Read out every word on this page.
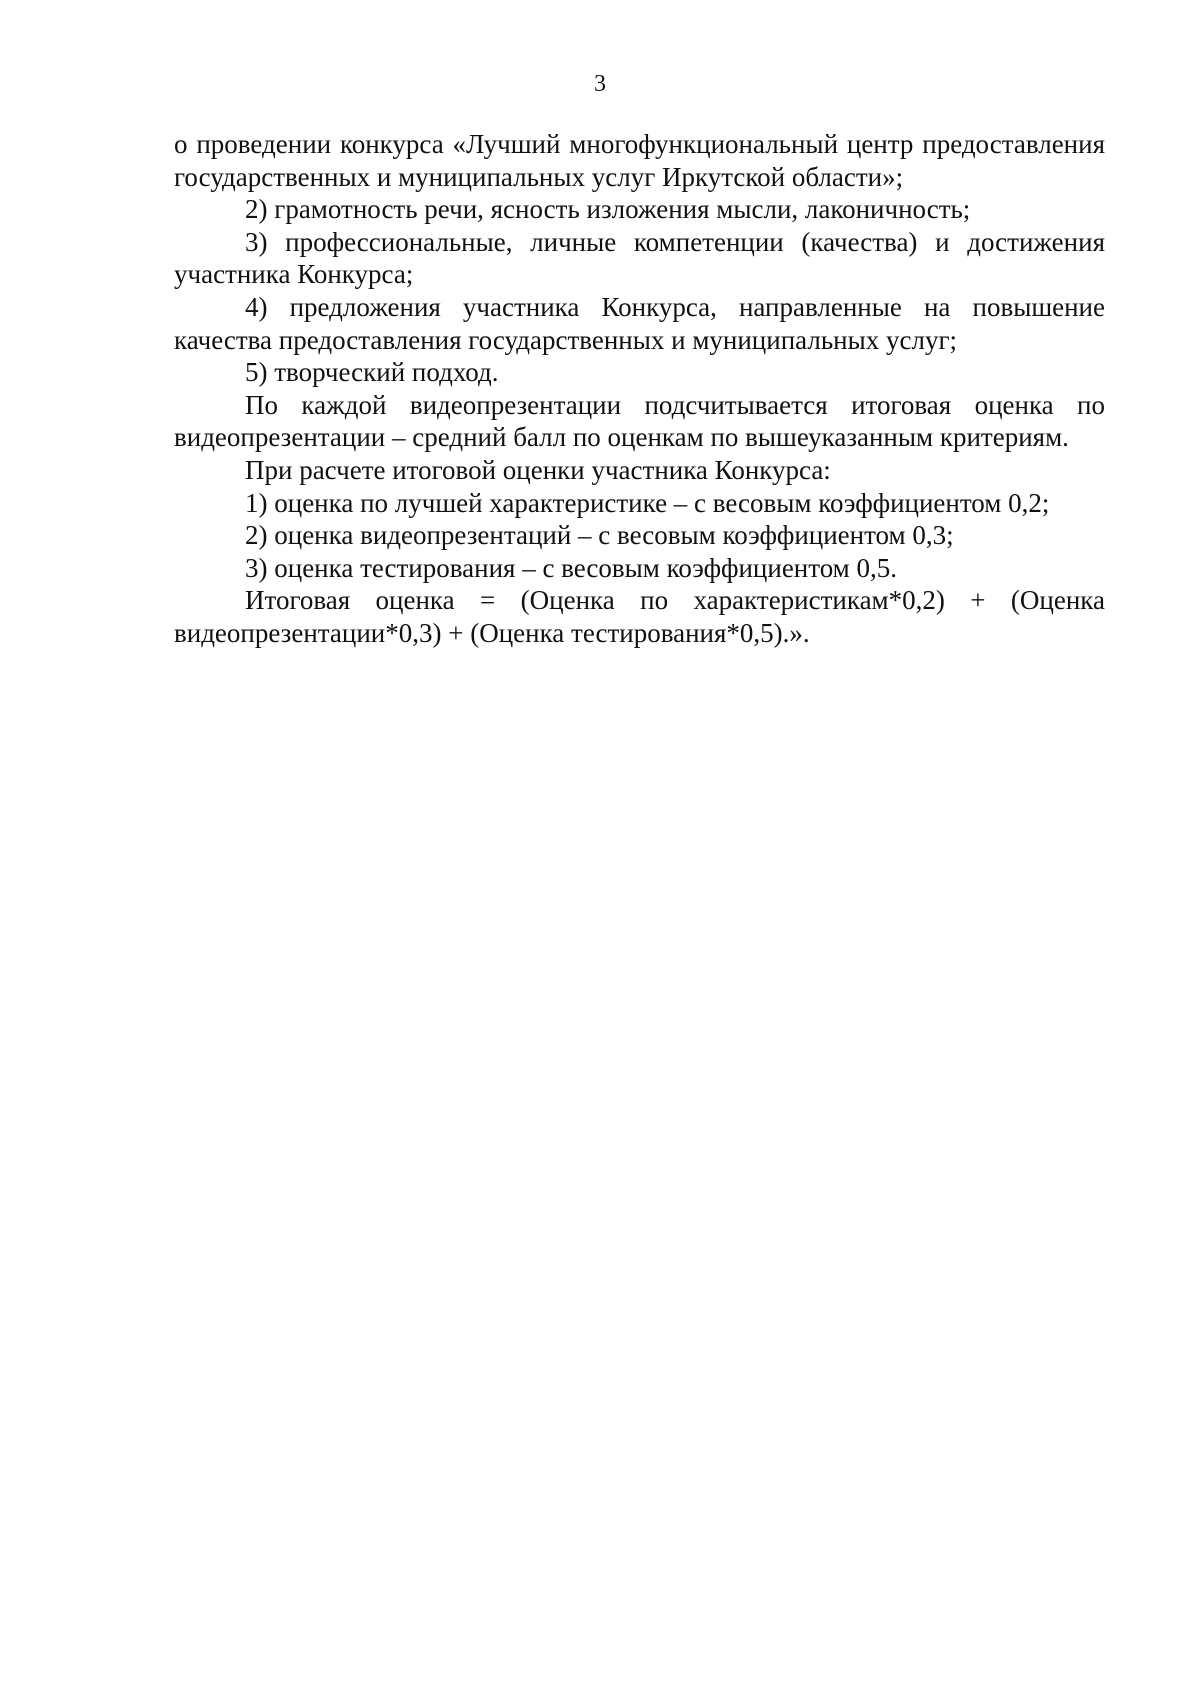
3

о проведении конкурса «Лучший многофункциональный центр предоставления государственных и муниципальных услуг Иркутской области»;

2) грамотность речи, ясность изложения мысли, лаконичность;

3) профессиональные, личные компетенции (качества) и достижения участника Конкурса;

4) предложения участника Конкурса, направленные на повышение качества предоставления государственных и муниципальных услуг;

5) творческий подход.

По каждой видеопрезентации подсчитывается итоговая оценка по видеопрезентации – средний балл по оценкам по вышеуказанным критериям.

При расчете итоговой оценки участника Конкурса:

1) оценка по лучшей характеристике – с весовым коэффициентом 0,2;

2) оценка видеопрезентаций – с весовым коэффициентом 0,3;

3) оценка тестирования – с весовым коэффициентом 0,5.

Итоговая оценка = (Оценка по характеристикам*0,2) + (Оценка видеопрезентации*0,3) + (Оценка тестирования*0,5).».
